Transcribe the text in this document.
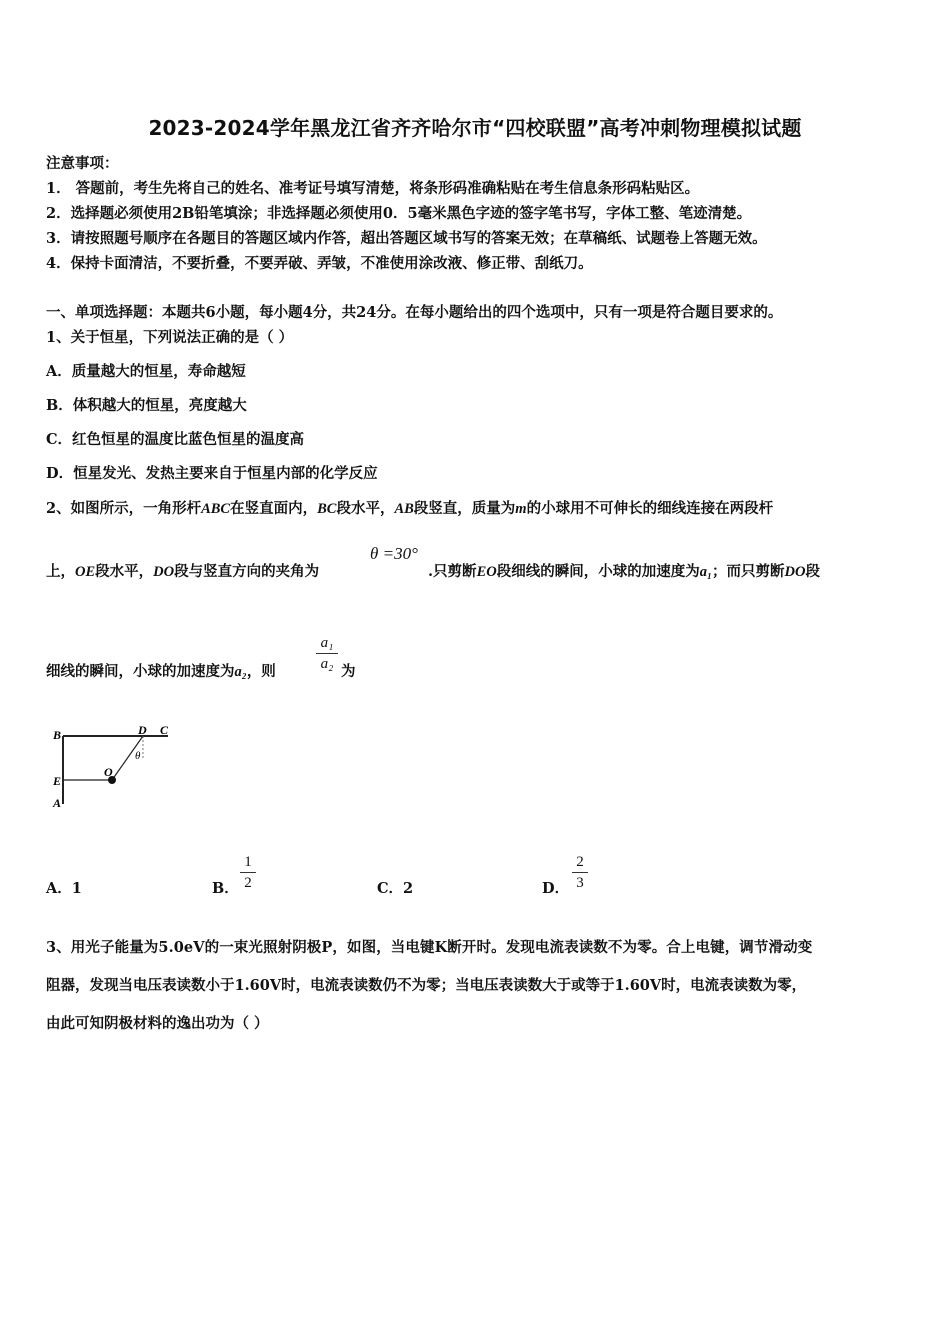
2023-2024学年黑龙江省齐齐哈尔市“四校联盟”高考冲刺物理模拟试题
注意事项：
1． 答题前，考生先将自己的姓名、准考证号填写清楚，将条形码准确粘贴在考生信息条形码粘贴区。
2．选择题必须使用2B铅笔填涂；非选择题必须使用0．5毫米黑色字迹的签字笔书写，字体工整、笔迹清楚。
3．请按照题号顺序在各题目的答题区域内作答，超出答题区域书写的答案无效；在草稿纸、试题卷上答题无效。
4．保持卡面清洁，不要折叠，不要弄破、弄皱，不准使用涂改液、修正带、刮纸刀。
一、单项选择题：本题共6小题，每小题4分，共24分。在每小题给出的四个选项中，只有一项是符合题目要求的。
1、关于恒星，下列说法正确的是（ ）
A．质量越大的恒星，寿命越短
B．体积越大的恒星，亮度越大
C．红色恒星的温度比蓝色恒星的温度高
D．恒星发光、发热主要来自于恒星内部的化学反应
2、如图所示，一角形杆ABC在竖直面内，BC段水平，AB段竖直，质量为m的小球用不可伸长的细线连接在两段杆
上，OE段水平，DO段与竖直方向的夹角为
θ =30°
.只剪断EO段细线的瞬间，小球的加速度为a₁；而只剪断DO段
细线的瞬间，小球的加速度为a₂，则
a₁
a₂ 为
B	C
D
E
A
O
θ
A．1	B．
1
2	C．2	D．
2
3
3、用光子能量为5.0eV的一束光照射阴极P，如图，当电键K断开时。发现电流表读数不为零。合上电键，调节滑动变
阻器，发现当电压表读数小于1.60V时，电流表读数仍不为零；当电压表读数大于或等于1.60V时，电流表读数为零，
由此可知阴极材料的逸出功为（ ）
